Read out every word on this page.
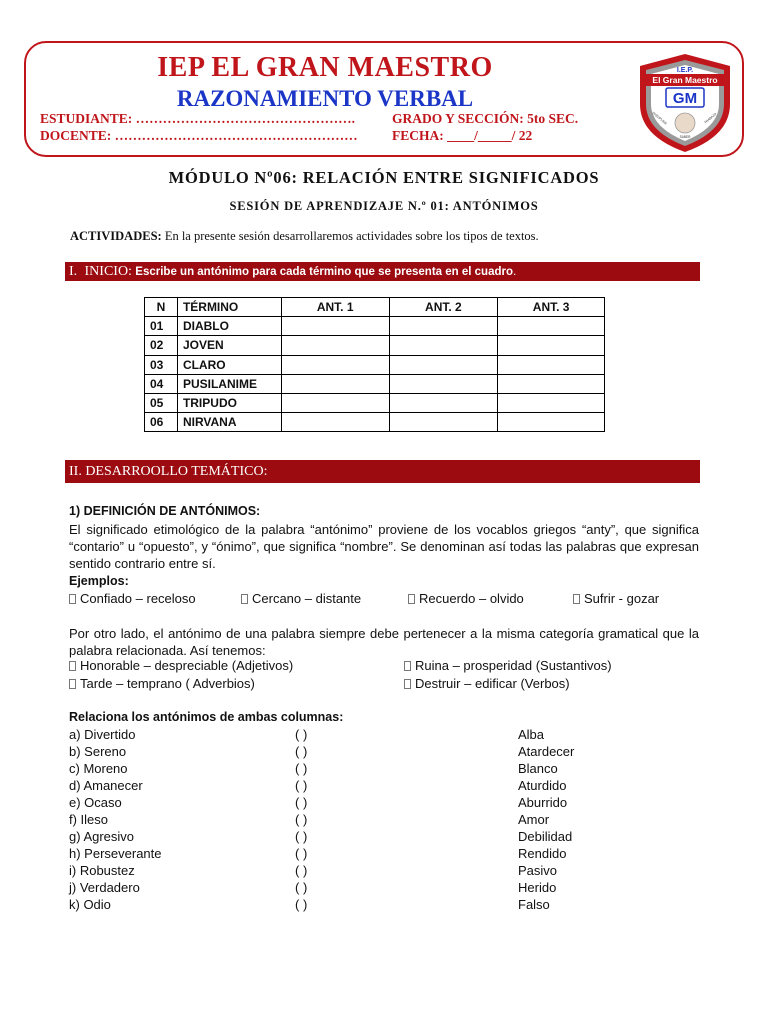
IEP EL GRAN MAESTRO
RAZONAMIENTO VERBAL
ESTUDIANTE: ………………………………………….	GRADO Y SECCIÓN: 5to SEC.
DOCENTE: ………………………………………………	FECHA: ____/_____/ 22
I.E.P.
El Gran Maestro
GM
DISCIPLINA
SABER
TRABAJO
MÓDULO Nº06: RELACIÓN ENTRE SIGNIFICADOS
SESIÓN DE APRENDIZAJE N.º 01: ANTÓNIMOS
ACTIVIDADES: En la presente sesión desarrollaremos actividades sobre los tipos de textos.
I. INICIO: Escribe un antónimo para cada término que se presenta en el cuadro.
N	TÉRMINO	ANT. 1	ANT. 2	ANT. 3
01	DIABLO			
02	JOVEN			
03	CLARO			
04	PUSILANIME			
05	TRIPUDO			
06	NIRVANA			
II. DESARROOLLO TEMÁTICO:
1) DEFINICIÓN DE ANTÓNIMOS:
El significado etimológico de la palabra “antónimo” proviene de los vocablos griegos “anty”, que significa “contario” u “opuesto”, y “ónimo”, que significa “nombre”. Se denominan así todas las palabras que expresan sentido contrario entre sí.
Ejemplos:
Confiado – receloso	Cercano – distante	Recuerdo – olvido	Sufrir - gozar
Por otro lado, el antónimo de una palabra siempre debe pertenecer a la misma categoría gramatical que la palabra relacionada. Así tenemos:
Honorable – despreciable (Adjetivos)	Ruina – prosperidad (Sustantivos)
Tarde – temprano ( Adverbios)	Destruir – edificar (Verbos)
Relaciona los antónimos de ambas columnas:
a) Divertido	( )	Alba
b) Sereno	( )	Atardecer
c) Moreno	( )	Blanco
d) Amanecer	( )	Aturdido
e) Ocaso	( )	Aburrido
f) Ileso	( )	Amor
g) Agresivo	( )	Debilidad
h) Perseverante	( )	Rendido
i) Robustez	( )	Pasivo
j) Verdadero	( )	Herido
k) Odio	( )	Falso
